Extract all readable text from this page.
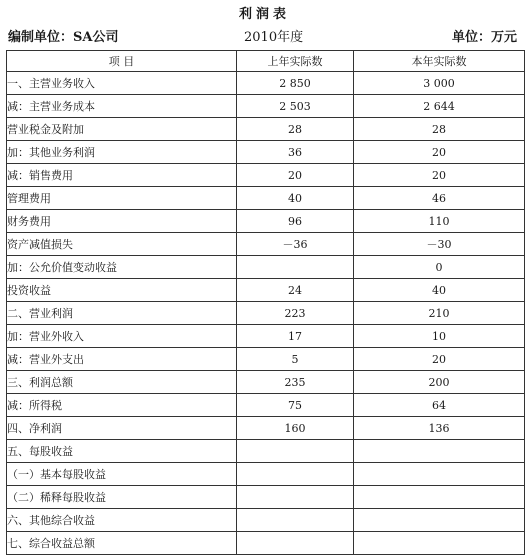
利润表
编制单位：SA公司	2010年度	单位：万元
项 目	上年实际数	本年实际数
一、主营业务收入	2 850	3 000
减：主营业务成本	2 503	2 644
营业税金及附加	28	28
加：其他业务利润	36	20
减：销售费用	20	20
管理费用	40	46
财务费用	96	110
资产减值损失	－36	－30
加：公允价值变动收益		0
投资收益	24	40
二、营业利润	223	210
加：营业外收入	17	10
减：营业外支出	5	20
三、利润总额	235	200
减：所得税	75	64
四、净利润	160	136
五、每股收益		
（一）基本每股收益		
（二）稀释每股收益		
六、其他综合收益		
七、综合收益总额		
